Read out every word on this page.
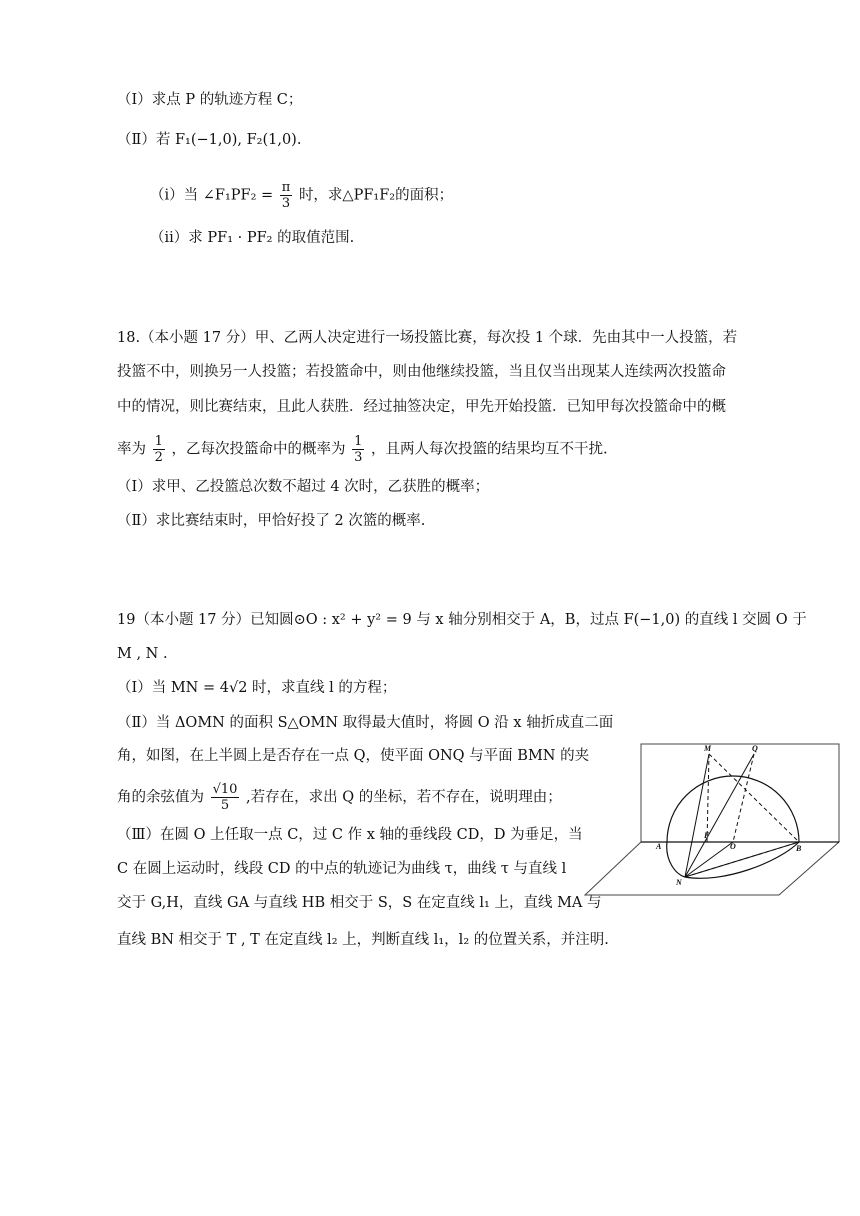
（Ⅰ）求点 P 的轨迹方程 C；
（Ⅱ）若 F₁(−1,0), F₂(1,0).
（i）当 ∠F₁PF₂ = $\frac{\pi}{3}$ 时，求△PF₁F₂的面积；
（ii）求 PF₁ · PF₂ 的取值范围.
18.（本小题 17 分）甲、乙两人决定进行一场投篮比赛，每次投 1 个球．先由其中一人投篮，若
投篮不中，则换另一人投篮；若投篮命中，则由他继续投篮，当且仅当出现某人连续两次投篮命
中的情况，则比赛结束，且此人获胜．经过抽签决定，甲先开始投篮．已知甲每次投篮命中的概
率为 $\frac{1}{2}$ ，乙每次投篮命中的概率为 $\frac{1}{3}$ ，且两人每次投篮的结果均互不干扰.
（Ⅰ）求甲、乙投篮总次数不超过 4 次时，乙获胜的概率；
（Ⅱ）求比赛结束时，甲恰好投了 2 次篮的概率.
19（本小题 17 分）已知圆⊙O : x² + y² = 9 与 x 轴分别相交于 A，B，过点 F(−1,0) 的直线 l 交圆 O 于
M , N .
（Ⅰ）当 MN = 4√2 时，求直线 l 的方程；
（Ⅱ）当 ΔOMN 的面积 S△OMN 取得最大值时，将圆 O 沿 x 轴折成直二面
角，如图，在上半圆上是否存在一点 Q，使平面 ONQ 与平面 BMN 的夹
角的余弦值为 $\frac{√10}{5}$ ,若存在，求出 Q 的坐标，若不存在，说明理由；
（Ⅲ）在圆 O 上任取一点 C，过 C 作 x 轴的垂线段 CD，D 为垂足，当
C 在圆上运动时，线段 CD 的中点的轨迹记为曲线 τ，曲线 τ 与直线 l
交于 G,H，直线 GA 与直线 HB 相交于 S，S 在定直线 l₁ 上，直线 MA 与
直线 BN 相交于 T , T 在定直线 l₂ 上，判断直线 l₁，l₂ 的位置关系，并注明.
M	Q
A
F
O	B
N
